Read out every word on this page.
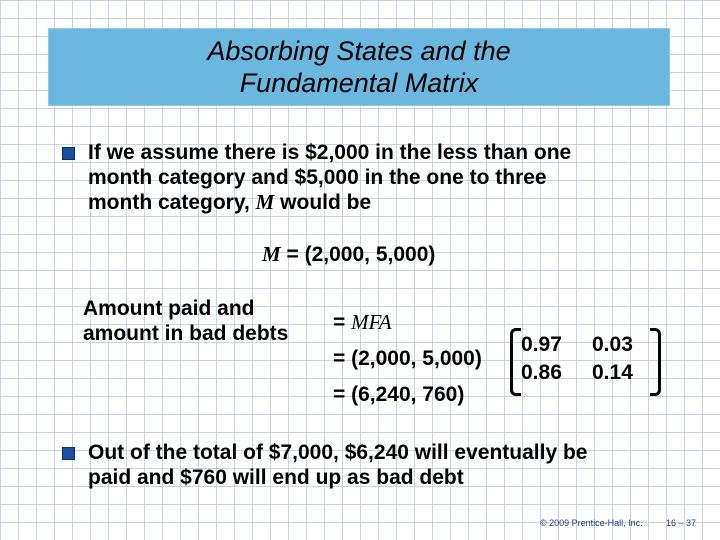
Absorbing States and the
Fundamental Matrix
If we assume there is $2,000 in the less than one
month category and $5,000 in the one to three
month category, M would be
M = (2,000, 5,000)
Amount paid and
amount in bad debts = MFA
= (2,000, 5,000)
= (6,240, 760)
0.97 0.03
0.86 0.14
Out of the total of $7,000, $6,240 will eventually be
paid and $760 will end up as bad debt
© 2009 Prentice-Hall, Inc.	16 – 37
